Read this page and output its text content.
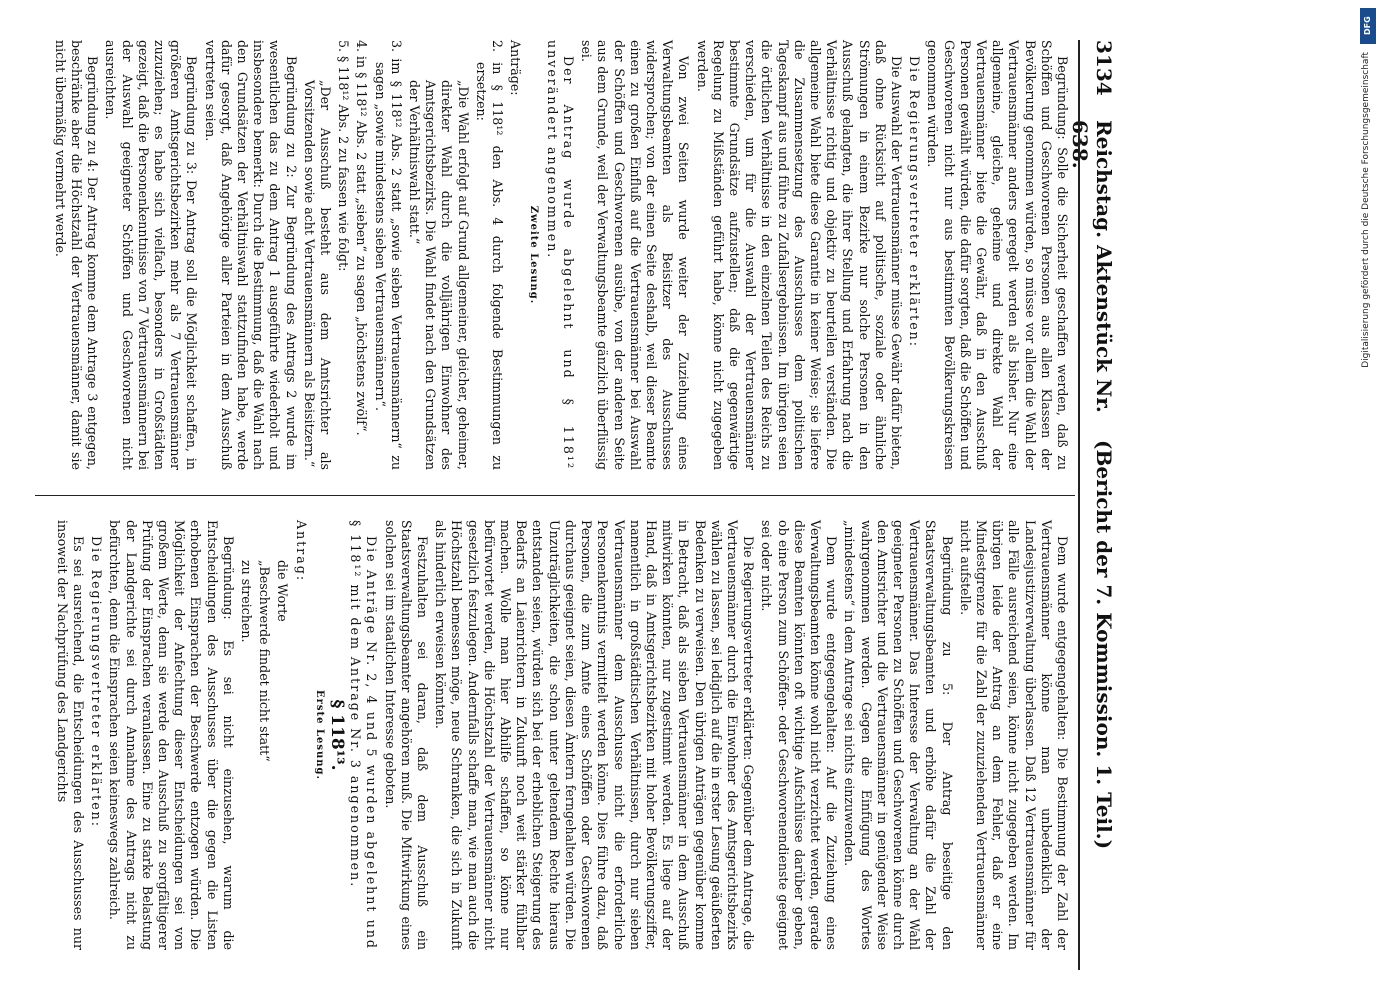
3134
Reichstag. Aktenstück Nr. 638.
(Bericht der 7. Kommission. 1. Teil.)

Begründung: Solle die Sicherheit geschaffen werden, daß zu Schöffen und Geschworenen Personen aus allen Klassen der Bevölkerung genommen würden, so müsse vor allem die Wahl der Vertrauensmänner anders geregelt werden als bisher. Nur eine allgemeine, gleiche, geheime und direkte Wahl der Vertrauensmänner biete die Gewähr, daß in den Ausschuß Personen gewählt würden, die dafür sorgten, daß die Schöffen und Geschworenen nicht nur aus bestimmten Bevölkerungskreisen genommen würden.

Die Regierungsvertreter erklärten:

Die Auswahl der Vertrauensmänner müsse Gewähr dafür bieten, daß ohne Rücksicht auf politische, soziale oder ähnliche Strömungen in einem Bezirke nur solche Personen in den Ausschuß gelangten, die ihrer Stellung und Erfahrung nach die Verhältnisse richtig und objektiv zu beurteilen verständen. Die allgemeine Wahl biete diese Garantie in keiner Weise; sie liefere die Zusammensetzung des Ausschusses dem politischen Tageskampf aus und führe zu Zufallsergebnissen. Im übrigen seien die örtlichen Verhältnisse in den einzelnen Teilen des Reichs zu verschieden, um für die Auswahl der Vertrauensmänner bestimmte Grundsätze aufzustellen; daß die gegenwärtige Regelung zu Mißständen geführt habe, könne nicht zugegeben werden.

Von zwei Seiten wurde weiter der Zuziehung eines Verwaltungsbeamten als Beisitzer des Ausschusses widersprochen; von der einen Seite deshalb, weil dieser Beamte einen zu großen Einfluß auf die Vertrauensmänner bei Auswahl der Schöffen und Geschworenen ausübe, von der anderen Seite aus dem Grunde, weil der Verwaltungsbeamte gänzlich überflüssig sei.

Der Antrag wurde abgelehnt und § 118¹² unverändert angenommen.

Zweite Lesung.

Anträge:

2. in § 118¹² den Abs. 4 durch folgende Bestimmungen zu ersetzen:

„Die Wahl erfolgt auf Grund allgemeiner, gleicher, geheimer, direkter Wahl durch die volljährigen Einwohner des Amtsgerichtsbezirks. Die Wahl findet nach den Grundsätzen der Verhältniswahl statt.“

3. im § 118¹² Abs. 2 statt „sowie sieben Vertrauensmännern“ zu sagen „sowie mindestens sieben Vertrauensmännern“.

4. in § 118¹² Abs. 2 statt „sieben“ zu sagen „höchstens zwölf“.

5. § 118¹² Abs. 2 zu fassen wie folgt:

„Der Ausschuß besteht aus dem Amtsrichter als Vorsitzenden sowie acht Vertrauensmännern als Beisitzern.“

Begründung zu 2: Zur Begründung des Antrags 2 wurde im wesentlichen das zu dem Antrag 1 ausgeführte wiederholt und insbesondere bemerkt: Durch die Bestimmung, daß die Wahl nach den Grundsätzen der Verhältniswahl stattzufinden habe, werde dafür gesorgt, daß Angehörige aller Parteien in dem Ausschuß vertreten seien.

Begründung zu 3: Der Antrag soll die Möglichkeit schaffen, in größeren Amtsgerichtsbezirken mehr als 7 Vertrauensmänner zuzuziehen; es habe sich vielfach, besonders in Großstädten gezeigt, daß die Personenkenntnisse von 7 Vertrauensmännern bei der Auswahl geeigneter Schöffen und Geschworenen nicht ausreichten.

Begründung zu 4: Der Antrag komme dem Antrage 3 entgegen, beschränke aber die Höchstzahl der Vertrauensmänner, damit sie nicht übermäßig vermehrt werde.

Dem wurde entgegengehalten: Die Bestimmung der Zahl der Vertrauensmänner könne man unbedenklich der Landesjustizverwaltung überlassen. Daß 12 Vertrauensmänner für alle Fälle ausreichend seien, könne nicht zugegeben werden. Im übrigen leide der Antrag an dem Fehler, daß er eine Mindestgrenze für die Zahl der zuzuziehenden Vertrauensmänner nicht aufstelle.

Begründung zu 5: Der Antrag beseitige den Staatsverwaltungsbeamten und erhöhe dafür die Zahl der Vertrauensmänner. Das Interesse der Verwaltung an der Wahl geeigneter Personen zu Schöffen und Geschworenen könne durch den Amtsrichter und die Vertrauensmänner in genügender Weise wahrgenommen werden. Gegen die Einfügung des Wortes „mindestens“ in dem Antrage sei nichts einzuwenden.

Dem wurde entgegengehalten: Auf die Zuziehung eines Verwaltungsbeamten könne wohl nicht verzichtet werden, gerade diese Beamten könnten oft wichtige Aufschlüsse darüber geben, ob eine Person zum Schöffen- oder Geschworenendienste geeignet sei oder nicht.

Die Regierungsvertreter erklärten: Gegenüber dem Antrage, die Vertrauensmänner durch die Einwohner des Amtsgerichtsbezirks wählen zu lassen, sei lediglich auf die in erster Lesung geäußerten Bedenken zu verweisen. Den übrigen Anträgen gegenüber komme in Betracht, daß als sieben Vertrauensmänner in dem Ausschuß mitwirken könnten, nur zugestimmt werden. Es liege auf der Hand, daß in Amtsgerichtsbezirken mit hoher Bevölkerungsziffer, namentlich in großstädtischen Verhältnissen, durch nur sieben Vertrauensmänner dem Ausschusse nicht die erforderliche Personenkenntnis vermittelt werden könne. Dies führe dazu, daß Personen, die zum Amte eines Schöffen oder Geschworenen durchaus geeignet seien, diesen Ämtern ferngehalten würden. Die Unzuträglichkeiten, die schon unter geltendem Rechte hieraus entstanden seien, würden sich bei der erheblichen Steigerung des Bedarfs an Laienrichtern in Zukunft noch weit stärker fühlbar machen. Wolle man hier Abhilfe schaffen, so könne nur befürwortet werden, die Höchstzahl der Vertrauensmänner nicht gesetzlich festzulegen. Andernfalls schaffe man, wie man auch die Höchstzahl bemessen möge, neue Schranken, die sich in Zukunft als hinderlich erweisen könnten.

Festzuhalten sei daran, daß dem Ausschuß ein Staatsverwaltungsbeamter angehören muß. Die Mitwirkung eines solchen sei im staatlichen Interesse geboten.

Die Anträge Nr. 2, 4 und 5 wurden abgelehnt und § 118¹² mit dem Antrage Nr. 3 angenommen.

§ 118¹³.

Erste Lesung.

Antrag:

die Worte

„Beschwerde findet nicht statt“

zu streichen.

Begründung: Es sei nicht einzusehen, warum die Entscheidungen des Ausschusses über die gegen die Listen erhobenen Einsprachen der Beschwerde entzogen würden. Die Möglichkeit der Anfechtung dieser Entscheidungen sei von großem Werte, denn sie werde den Ausschuß zu sorgfältigerer Prüfung der Einsprachen veranlassen. Eine zu starke Belastung der Landgerichte sei durch Annahme des Antrags nicht zu befürchten, denn die Einsprachen seien keineswegs zahlreich.

Die Regierungsvertreter erklärten:

Es sei ausreichend, die Entscheidungen des Ausschusses nur insoweit der Nachprüfung des Landgerichts

DFG
Digitalisierung gefördert durch die Deutsche Forschungsgemeinschaft
